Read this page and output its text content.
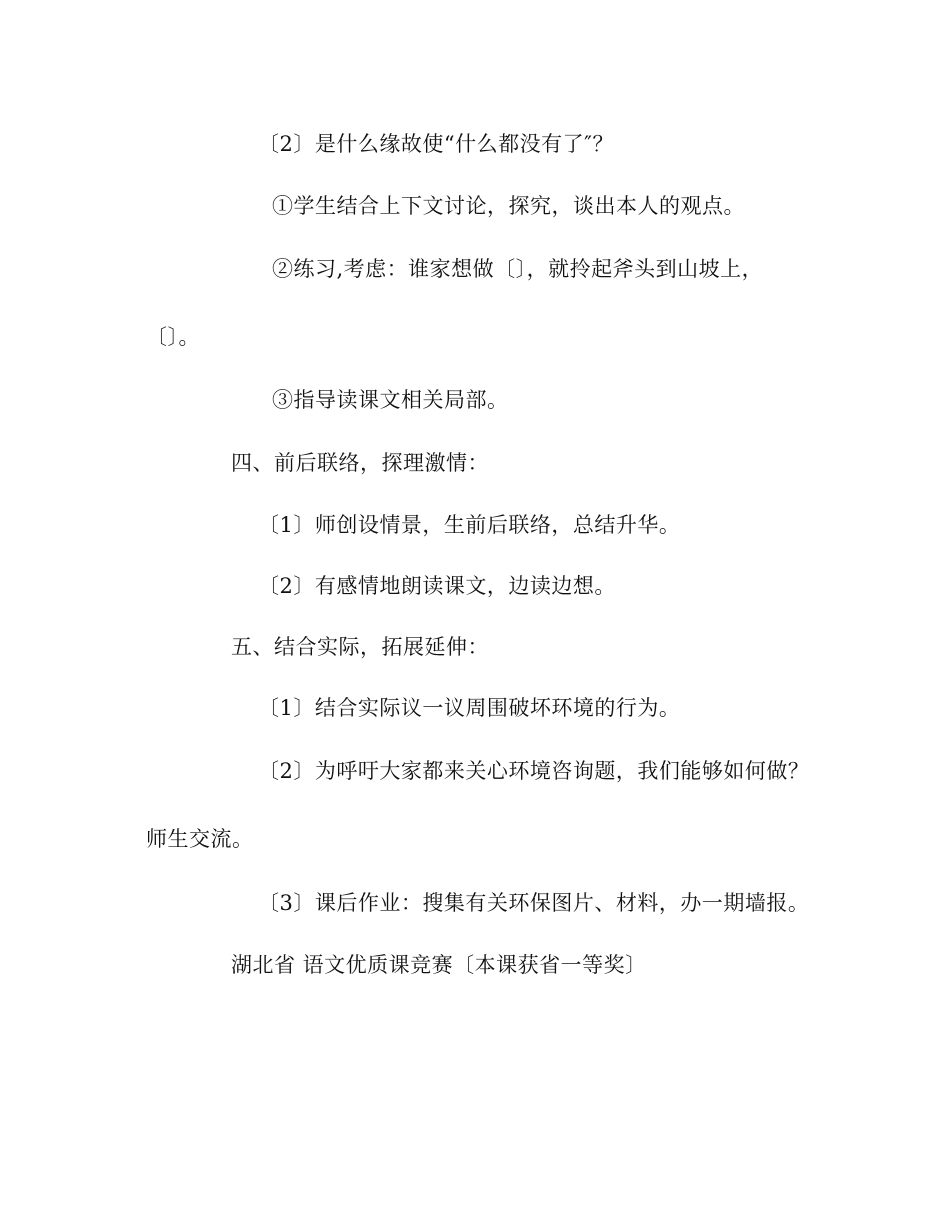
〔2〕是什么缘故使“什么都没有了″？
①学生结合上下文讨论，探究，谈出本人的观点。
②练习,考虑：谁家想做〔〕，就拎起斧头到山坡上，
〔〕。
③指导读课文相关局部。
四、前后联络，探理激情：
〔1〕师创设情景，生前后联络，总结升华。
〔2〕有感情地朗读课文，边读边想。
五、结合实际，拓展延伸：
〔1〕结合实际议一议周围破坏环境的行为。
〔2〕为呼吁大家都来关心环境咨询题，我们能够如何做？
师生交流。
〔3〕课后作业：搜集有关环保图片、材料，办一期墙报。
湖北省 语文优质课竞赛〔本课获省一等奖〕
